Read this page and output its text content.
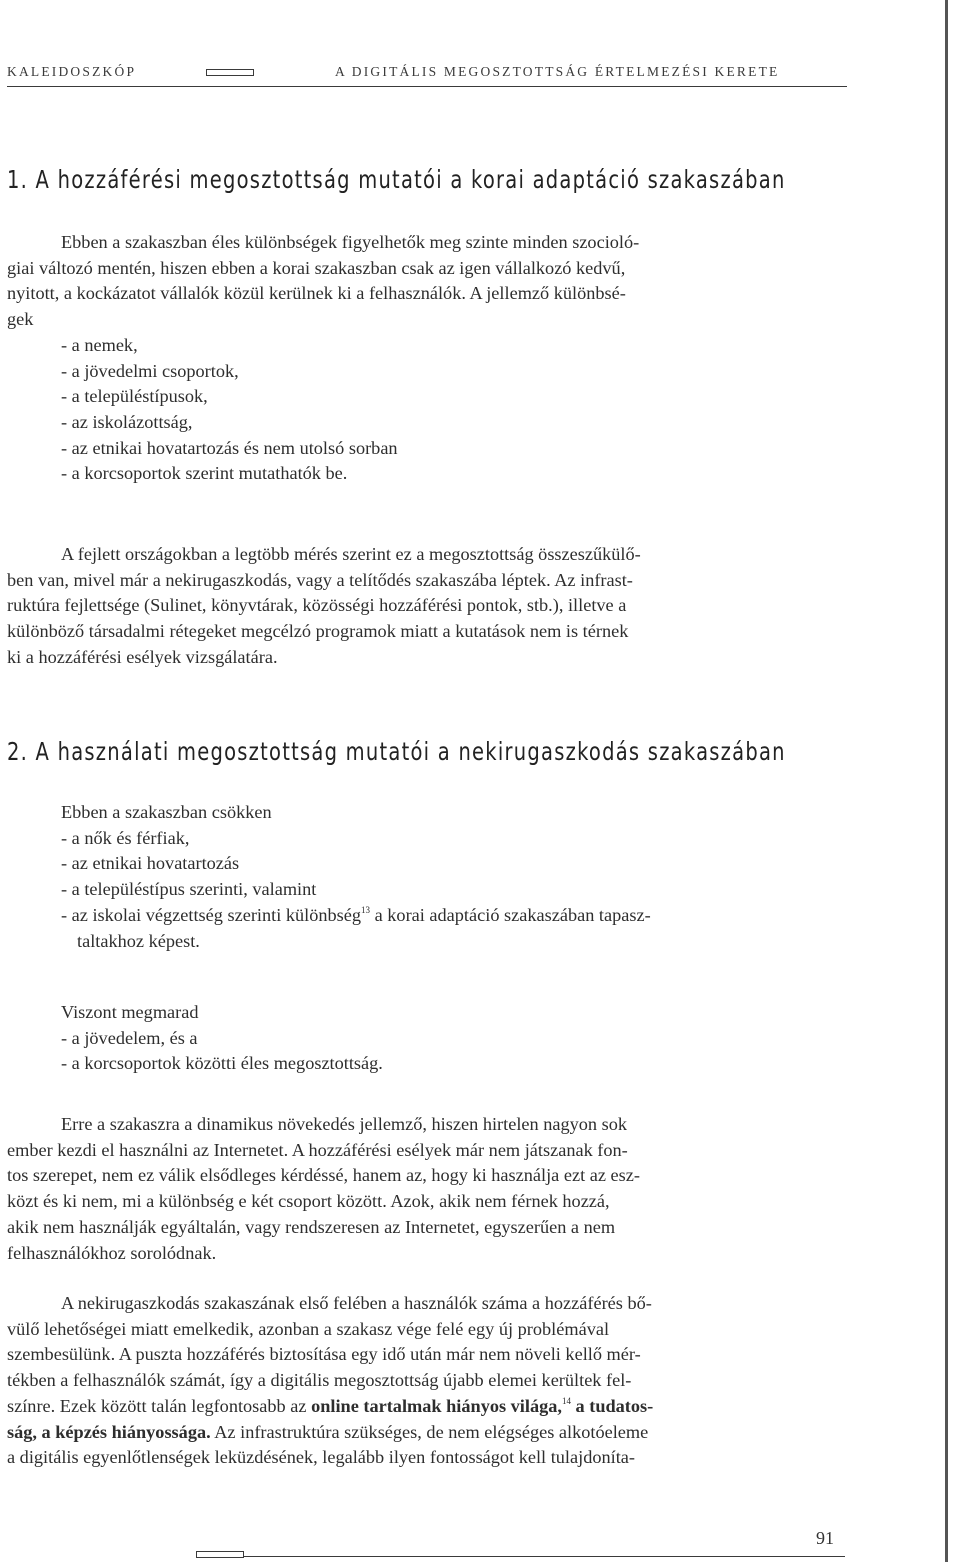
KALEIDOSZKÓP	A DIGITÁLIS MEGOSZTOTTSÁG ÉRTELMEZÉSI KERETE
1. A hozzáférési megosztottság mutatói a korai adaptáció szakaszában
Ebben a szakaszban éles különbségek figyelhetők meg szinte minden szocioló-
giai változó mentén, hiszen ebben a korai szakaszban csak az igen vállalkozó kedvű,
nyitott, a kockázatot vállalók közül kerülnek ki a felhasználók. A jellemző különbsé-
gek
- a nemek,
- a jövedelmi csoportok,
- a településtípusok,
- az iskolázottság,
- az etnikai hovatartozás és nem utolsó sorban
- a korcsoportok szerint mutathatók be.
A fejlett országokban a legtöbb mérés szerint ez a megosztottság összeszűkülő-
ben van, mivel már a nekirugaszkodás, vagy a telítődés szakaszába léptek. Az infrast-
ruktúra fejlettsége (Sulinet, könyvtárak, közösségi hozzáférési pontok, stb.), illetve a
különböző társadalmi rétegeket megcélzó programok miatt a kutatások nem is térnek
ki a hozzáférési esélyek vizsgálatára.
2. A használati megosztottság mutatói a nekirugaszkodás szakaszában
Ebben a szakaszban csökken
- a nők és férfiak,
- az etnikai hovatartozás
- a településtípus szerinti, valamint
- az iskolai végzettség szerinti különbség$^{13}$ a korai adaptáció szakaszában tapasz-
taltakhoz képest.
Viszont megmarad
- a jövedelem, és a
- a korcsoportok közötti éles megosztottság.
Erre a szakaszra a dinamikus növekedés jellemző, hiszen hirtelen nagyon sok
ember kezdi el használni az Internetet. A hozzáférési esélyek már nem játszanak fon-
tos szerepet, nem ez válik elsődleges kérdéssé, hanem az, hogy ki használja ezt az esz-
közt és ki nem, mi a különbség e két csoport között. Azok, akik nem férnek hozzá,
akik nem használják egyáltalán, vagy rendszeresen az Internetet, egyszerűen a nem
felhasználókhoz sorolódnak.
A nekirugaszkodás szakaszának első felében a használók száma a hozzáférés bő-
vülő lehetőségei miatt emelkedik, azonban a szakasz vége felé egy új problémával
szembesülünk. A puszta hozzáférés biztosítása egy idő után már nem növeli kellő mér-
tékben a felhasználók számát, így a digitális megosztottság újabb elemei kerültek fel-
színre. Ezek között talán legfontosabb az online tartalmak hiányos világa,$^{14}$ a tudatos-
ság, a képzés hiányossága. Az infrastruktúra szükséges, de nem elégséges alkotóeleme
a digitális egyenlőtlenségek leküzdésének, legalább ilyen fontosságot kell tulajdonítа-
91
